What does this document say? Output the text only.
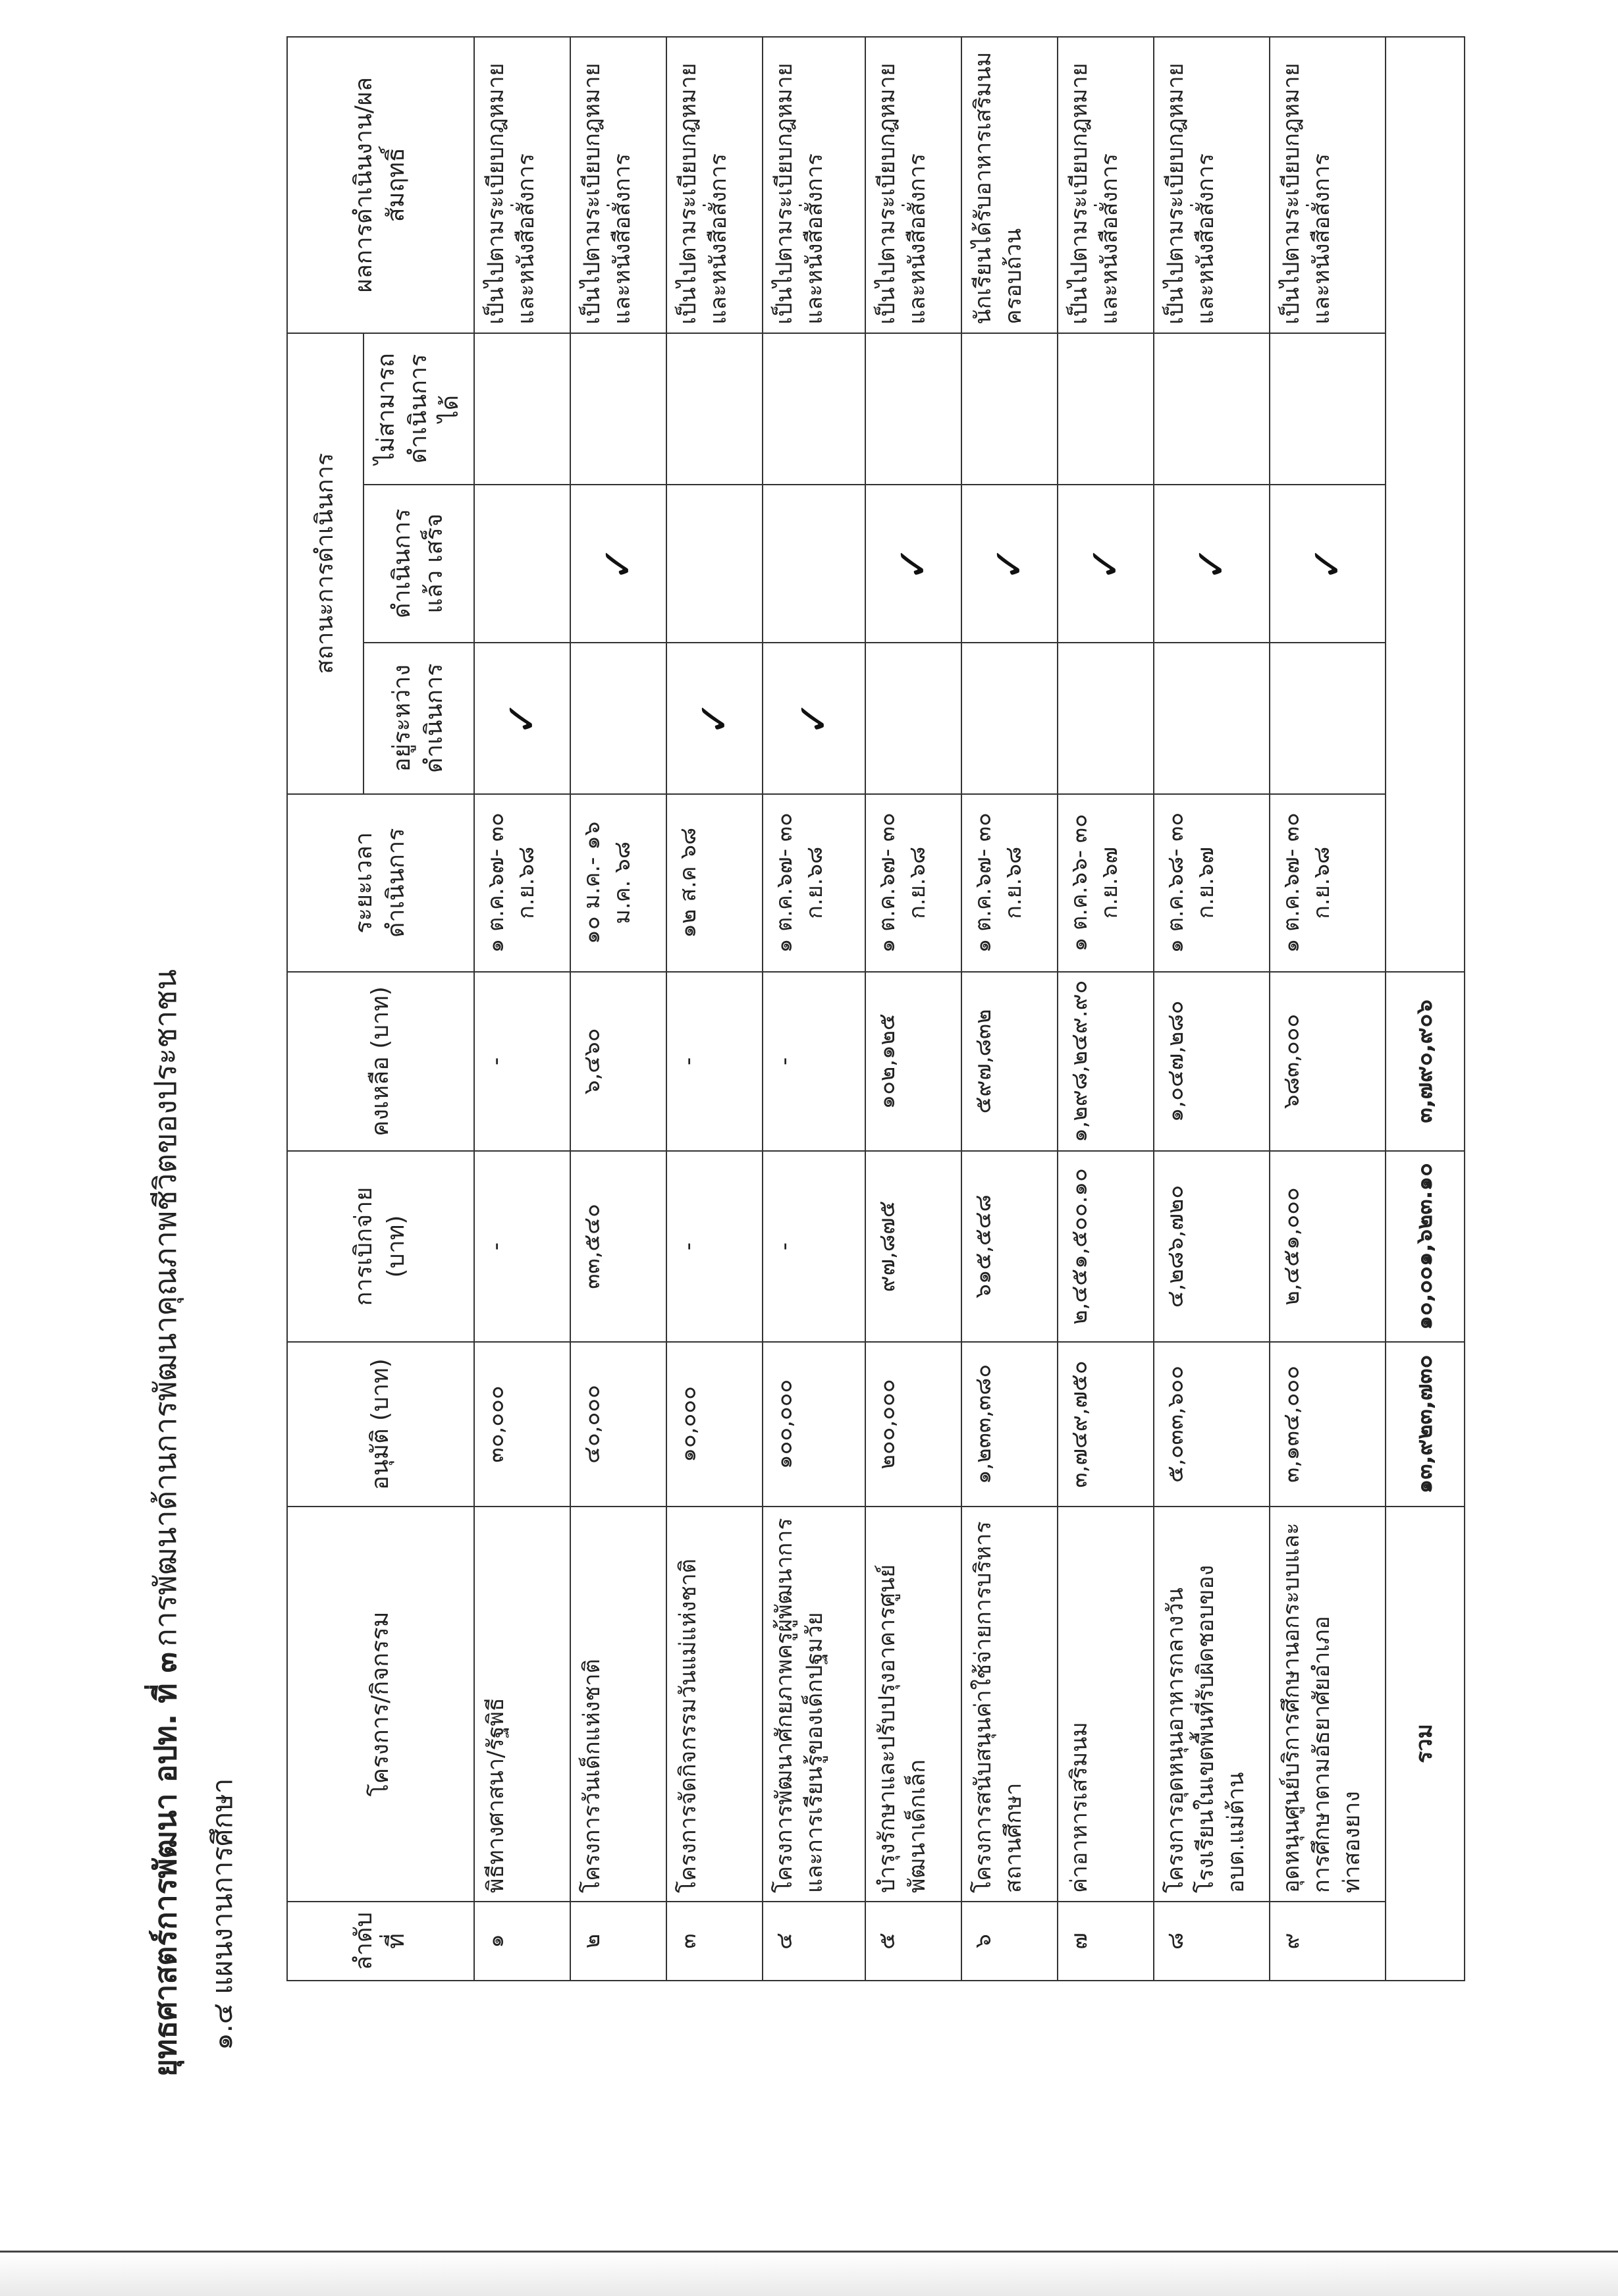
ยุทธศาสตร์การพัฒนา อปท. ที่ ๓การพัฒนาด้านการพัฒนาคุณภาพชีวิตของประชาชน
๑.๔ แผนงานการศึกษา	ลำดับที่	โครงการ/กิจกรรม	อนุมัติ (บาท)	การเบิกจ่าย (บาท)	คงเหลือ (บาท)	ระยะเวลา ดำเนินการ	สถานะการดำเนินการ			ผลการดำเนินงาน/ผลสัมฤทธิ์
						อยู่ระหว่าง ดำเนินการ	ดำเนินการแล้ว เสร็จ	ไม่สามารถ ดำเนินการได้	
๑	พิธีทางศาสนา/รัฐพิธี	๓๐,๐๐๐	-	-	๑ ต.ค.๖๗- ๓๐ ก.ย.๖๘	✓			เป็นไปตามระเบียบกฎหมาย และหนังสือสั่งการ
๒	โครงการวันเด็กแห่งชาติ	๔๐,๐๐๐	๓๓,๕๔๐	๖,๔๖๐	๑๐ ม.ค.- ๑๖ ม.ค. ๖๘		✓		เป็นไปตามระเบียบกฎหมาย และหนังสือสั่งการ
๓	โครงการจัดกิจกรรมวันแม่แห่งชาติ	๑๐,๐๐๐	-	-	๑๒ ส.ค ๖๘	✓			เป็นไปตามระเบียบกฎหมาย และหนังสือสั่งการ
๔	โครงการพัฒนาศักยภาพครูผู้พัฒนาการและการเรียนรู้ของเด็กปฐมวัย	๑๐๐,๐๐๐	-	-	๑ ต.ค.๖๗- ๓๐ ก.ย.๖๘	✓			เป็นไปตามระเบียบกฎหมาย และหนังสือสั่งการ
๕	บำรุงรักษาและปรับปรุงอาคารศูนย์พัฒนาเด็กเล็ก	๒๐๐,๐๐๐	๙๗,๘๗๕	๑๐๒,๑๒๕	๑ ต.ค.๖๗- ๓๐ ก.ย.๖๘		✓		เป็นไปตามระเบียบกฎหมาย และหนังสือสั่งการ
๖	โครงการสนับสนุนค่าใช้จ่ายการบริหารสถานศึกษา	๑,๒๓๓,๓๘๐	๖๑๕,๕๔๘	๕๙๗,๘๓๒	๑ ต.ค.๖๗- ๓๐ ก.ย.๖๘		✓		นักเรียนได้รับอาหารเสริมนมครอบถ้วน
๗	ค่าอาหารเสริมนม	๓,๗๔๙,๗๕๐	๒,๔๕๑,๕๐๐.๑๐	๑,๒๙๘,๒๔๙.๙๐	๑ ต.ค.๖๖- ๓๐ ก.ย.๖๗		✓		เป็นไปตามระเบียบกฎหมาย และหนังสือสั่งการ
๘	โครงการอุดหนุนอาหารกลางวันโรงเรียนในเขตพื้นที่รับผิดชอบของ อบต.แม่ต้าน	๕,๐๓๓,๖๐๐	๔,๒๘๖,๗๒๐	๑,๐๔๗,๒๘๐	๑ ต.ค.๖๘- ๓๐ ก.ย.๖๗		✓		เป็นไปตามระเบียบกฎหมาย และหนังสือสั่งการ
๙	อุดหนุนศูนย์บริการศึกษานอกระบบและการศึกษาตามอัธยาศัยอำเภอท่าสองยาง	๓,๑๓๔,๐๐๐	๒,๔๕๑,๐๐๐	๖๘๓,๐๐๐	๑ ต.ค.๖๗- ๓๐ ก.ย.๖๘		✓		เป็นไปตามระเบียบกฎหมาย และหนังสือสั่งการ
รวม		๑๓,๙๒๓,๗๓๐	๑๐,๐๐๑,๖๒๓.๑๐	๓,๗๙๐,๙๐๖					
